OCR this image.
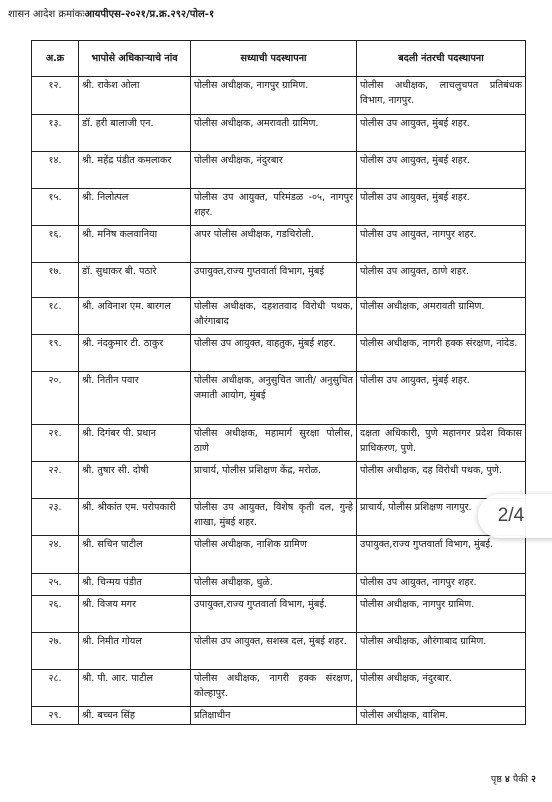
शासन आदेश क्रमांकःआयपीएस-२०२१/प्र.क्र.२९२/पोल-१
अ.क्र	भापोसे अधिकाऱ्याचे नांव	सध्याची पदस्थापना	बदली नंतरची पदस्थापना
१२.	श्री. राकेश ओला	पोलीस अधीक्षक, नागपुर ग्रामिण.	पोलीस अधीक्षक, लाचलुचपत प्रतिबंधक विभाग, नागपुर.
१३.	डॉ. हरी बालाजी एन.	पोलीस अधीक्षक, अमरावती ग्रामिण.	पोलीस उप आयुक्त, मुंबई शहर.
१४.	श्री. महेंद्र पंडीत कमलाकर	पोलीस अधीक्षक, नंदुरबार	पोलीस उप आयुक्त, मुंबई शहर.
१५.	श्री. निलोत्पल	पोलीस उप आयुक्त, परिमंडळ -०५, नागपुर शहर.	पोलीस उप आयुक्त, मुंबई शहर.
१६.	श्री. मनिष कलवानिया	अपर पोलीस अधीक्षक, गडचिरोली.	पोलीस उप आयुक्त, नागपुर शहर.
१७.	डॉ. सुधाकर बी. पठारे	उपायुक्त,राज्य गुप्तवार्ता विभाग, मुंबई	पोलीस उप आयुक्त, ठाणे शहर.
१८.	श्री. अविनाश एम. बारगल	पोलीस अधीक्षक, दहशतवाद विरोधी पथक, औरंगाबाद	पोलीस अधीक्षक, अमरावती ग्रामिण.
१९.	श्री. नंदकुमार टी. ठाकुर	पोलीस उप आयुक्त, वाहतुक, मुंबई शहर.	पोलीस अधीक्षक, नागरी हक्क संरक्षण, नांदेड.
२०.	श्री. नितीन पवार	पोलीस अधीक्षक, अनुसुचित जाती/ अनुसुचित जमाती आयोग, मुंबई	पोलीस उप आयुक्त, मुंबई शहर.
२१.	श्री. दिगंबर पी. प्रधान	पोलीस अधीक्षक, महामार्ग सुरक्षा पोलीस, ठाणे	दक्षता अधिकारी, पुणे महानगर प्रदेश विकास प्राधिकरण, पुणे.
२२.	श्री. तुषार सी. दोषी	प्राचार्य, पोलीस प्रशिक्षण केंद्र, मरोळ.	पोलीस अधीक्षक, दह विरोधी पथक, पुणे.
२३.	श्री. श्रीकांत एम. परोपकारी	पोलीस उप आयुक्त, विशेष कृती दल, गुन्हे शाखा, मुंबई शहर.	प्राचार्य, पोलीस प्रशिक्षण नागपुर.
२४.	श्री. सचिन पाटील	पोलीस अधीक्षक, नाशिक ग्रामिण	उपायुक्त,राज्य गुप्तवार्ता विभाग, मुंबई.
२५.	श्री. चिन्मय पंडीत	पोलीस अधीक्षक, धुळे.	पोलीस उप आयुक्त, नागपुर शहर.
२६.	श्री. विजय मगर	उपायुक्त,राज्य गुप्तवार्ता विभाग, मुंबई.	पोलीस अधीक्षक, नागपुर ग्रामिण.
२७.	श्री. निमीत गोयल	पोलीस उप आयुक्त, सशस्त्र दल, मुंबई शहर.	पोलीस अधीक्षक, औरंगाबाद ग्रामिण.
२८.	श्री. पी. आर. पाटील	पोलीस अधीक्षक, नागरी हक्क संरक्षण, कोल्हापुर.	पोलीस अधीक्षक, नंदुरबार.
२९.	श्री. बच्चन सिंह	प्रतिक्षाधीन	पोलीस अधीक्षक, वाशिम.
2/4
पृष्ठ ४ पैकी २
